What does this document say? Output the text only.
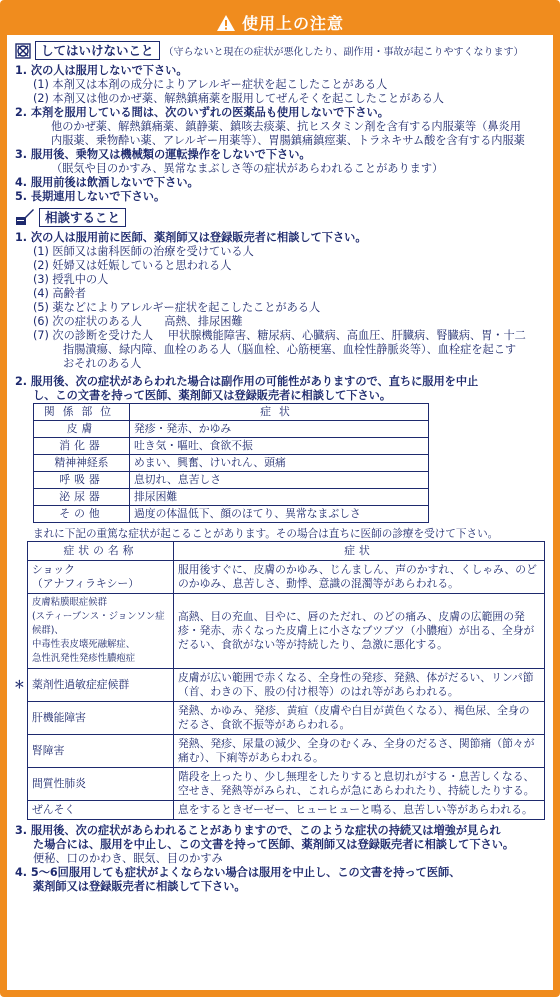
使用上の注意
してはいけないこと （守らないと現在の症状が悪化したり、副作用・事故が起こりやすくなります）
1. 次の人は服用しないで下さい。
(1) 本剤又は本剤の成分によりアレルギー症状を起こしたことがある人
(2) 本剤又は他のかぜ薬、解熱鎮痛薬を服用してぜんそくを起こしたことがある人
2. 本剤を服用している間は、次のいずれの医薬品も使用しないで下さい。
他のかぜ薬、解熱鎮痛薬、鎮静薬、鎮咳去痰薬、抗ヒスタミン剤を含有する内服薬等（鼻炎用
内服薬、乗物酔い薬、アレルギー用薬等）、胃腸鎮痛鎮痙薬、トラネキサム酸を含有する内服薬
3. 服用後、乗物又は機械類の運転操作をしないで下さい。
（眠気や目のかすみ、異常なまぶしさ等の症状があらわれることがあります）
4. 服用前後は飲酒しないで下さい。
5. 長期連用しないで下さい。
相談すること
1. 次の人は服用前に医師、薬剤師又は登録販売者に相談して下さい。
(1) 医師又は歯科医師の治療を受けている人
(2) 妊婦又は妊娠していると思われる人
(3) 授乳中の人
(4) 高齢者
(5) 薬などによりアレルギー症状を起こしたことがある人
(6) 次の症状のある人　　高熱、排尿困難
(7) 次の診断を受けた人　 甲状腺機能障害、糖尿病、心臓病、高血圧、肝臓病、腎臓病、胃・十二
指腸潰瘍、緑内障、血栓のある人（脳血栓、心筋梗塞、血栓性静脈炎等）、血栓症を起こす
おそれのある人
2. 服用後、次の症状があらわれた場合は副作用の可能性がありますので、直ちに服用を中止
し、この文書を持って医師、薬剤師又は登録販売者に相談して下さい。
関係部位	症状
皮膚	発疹・発赤、かゆみ
消化器	吐き気・嘔吐、食欲不振
精神神経系	めまい、興奮、けいれん、頭痛
呼吸器	息切れ、息苦しさ
泌尿器	排尿困難
その他	過度の体温低下、顔のほてり、異常なまぶしさ
まれに下記の重篤な症状が起こることがあります。その場合は直ちに医師の診療を受けて下さい。
症状の名称	症状

ショック
（アナフィラキシー）	服用後すぐに、皮膚のかゆみ、じんましん、声のかすれ、くしゃみ、のどのかゆみ、息苦しさ、動悸、意識の混濁等があらわれる。

皮膚粘膜眼症候群
(スティーブンス・ジョンソン症候群)、
中毒性表皮壊死融解症、
急性汎発性発疹性膿疱症	高熱、目の充血、目やに、唇のただれ、のどの痛み、皮膚の広範囲の発疹・発赤、赤くなった皮膚上に小さなブツブツ（小膿疱）が出る、全身がだるい、食欲がない等が持続したり、急激に悪化する。

＊ 薬剤性過敏症症候群	皮膚が広い範囲で赤くなる、全身性の発疹、発熱、体がだるい、リンパ節（首、わきの下、股の付け根等）のはれ等があらわれる。
肝機能障害	発熱、かゆみ、発疹、黄疸（皮膚や白目が黄色くなる）、褐色尿、全身のだるさ、食欲不振等があらわれる。
腎障害	発熱、発疹、尿量の減少、全身のむくみ、全身のだるさ、関節痛（節々が痛む）、下痢等があらわれる。
間質性肺炎	階段を上ったり、少し無理をしたりすると息切れがする・息苦しくなる、空せき、発熱等がみられ、これらが急にあらわれたり、持続したりする。
ぜんそく	息をするときゼーゼー、ヒューヒューと鳴る、息苦しい等があらわれる。
3. 服用後、次の症状があらわれることがありますので、このような症状の持続又は増強が見られ
た場合には、服用を中止し、この文書を持って医師、薬剤師又は登録販売者に相談して下さい。
便秘、口のかわき、眠気、目のかすみ
4. 5～6回服用しても症状がよくならない場合は服用を中止し、この文書を持って医師、
薬剤師又は登録販売者に相談して下さい。
